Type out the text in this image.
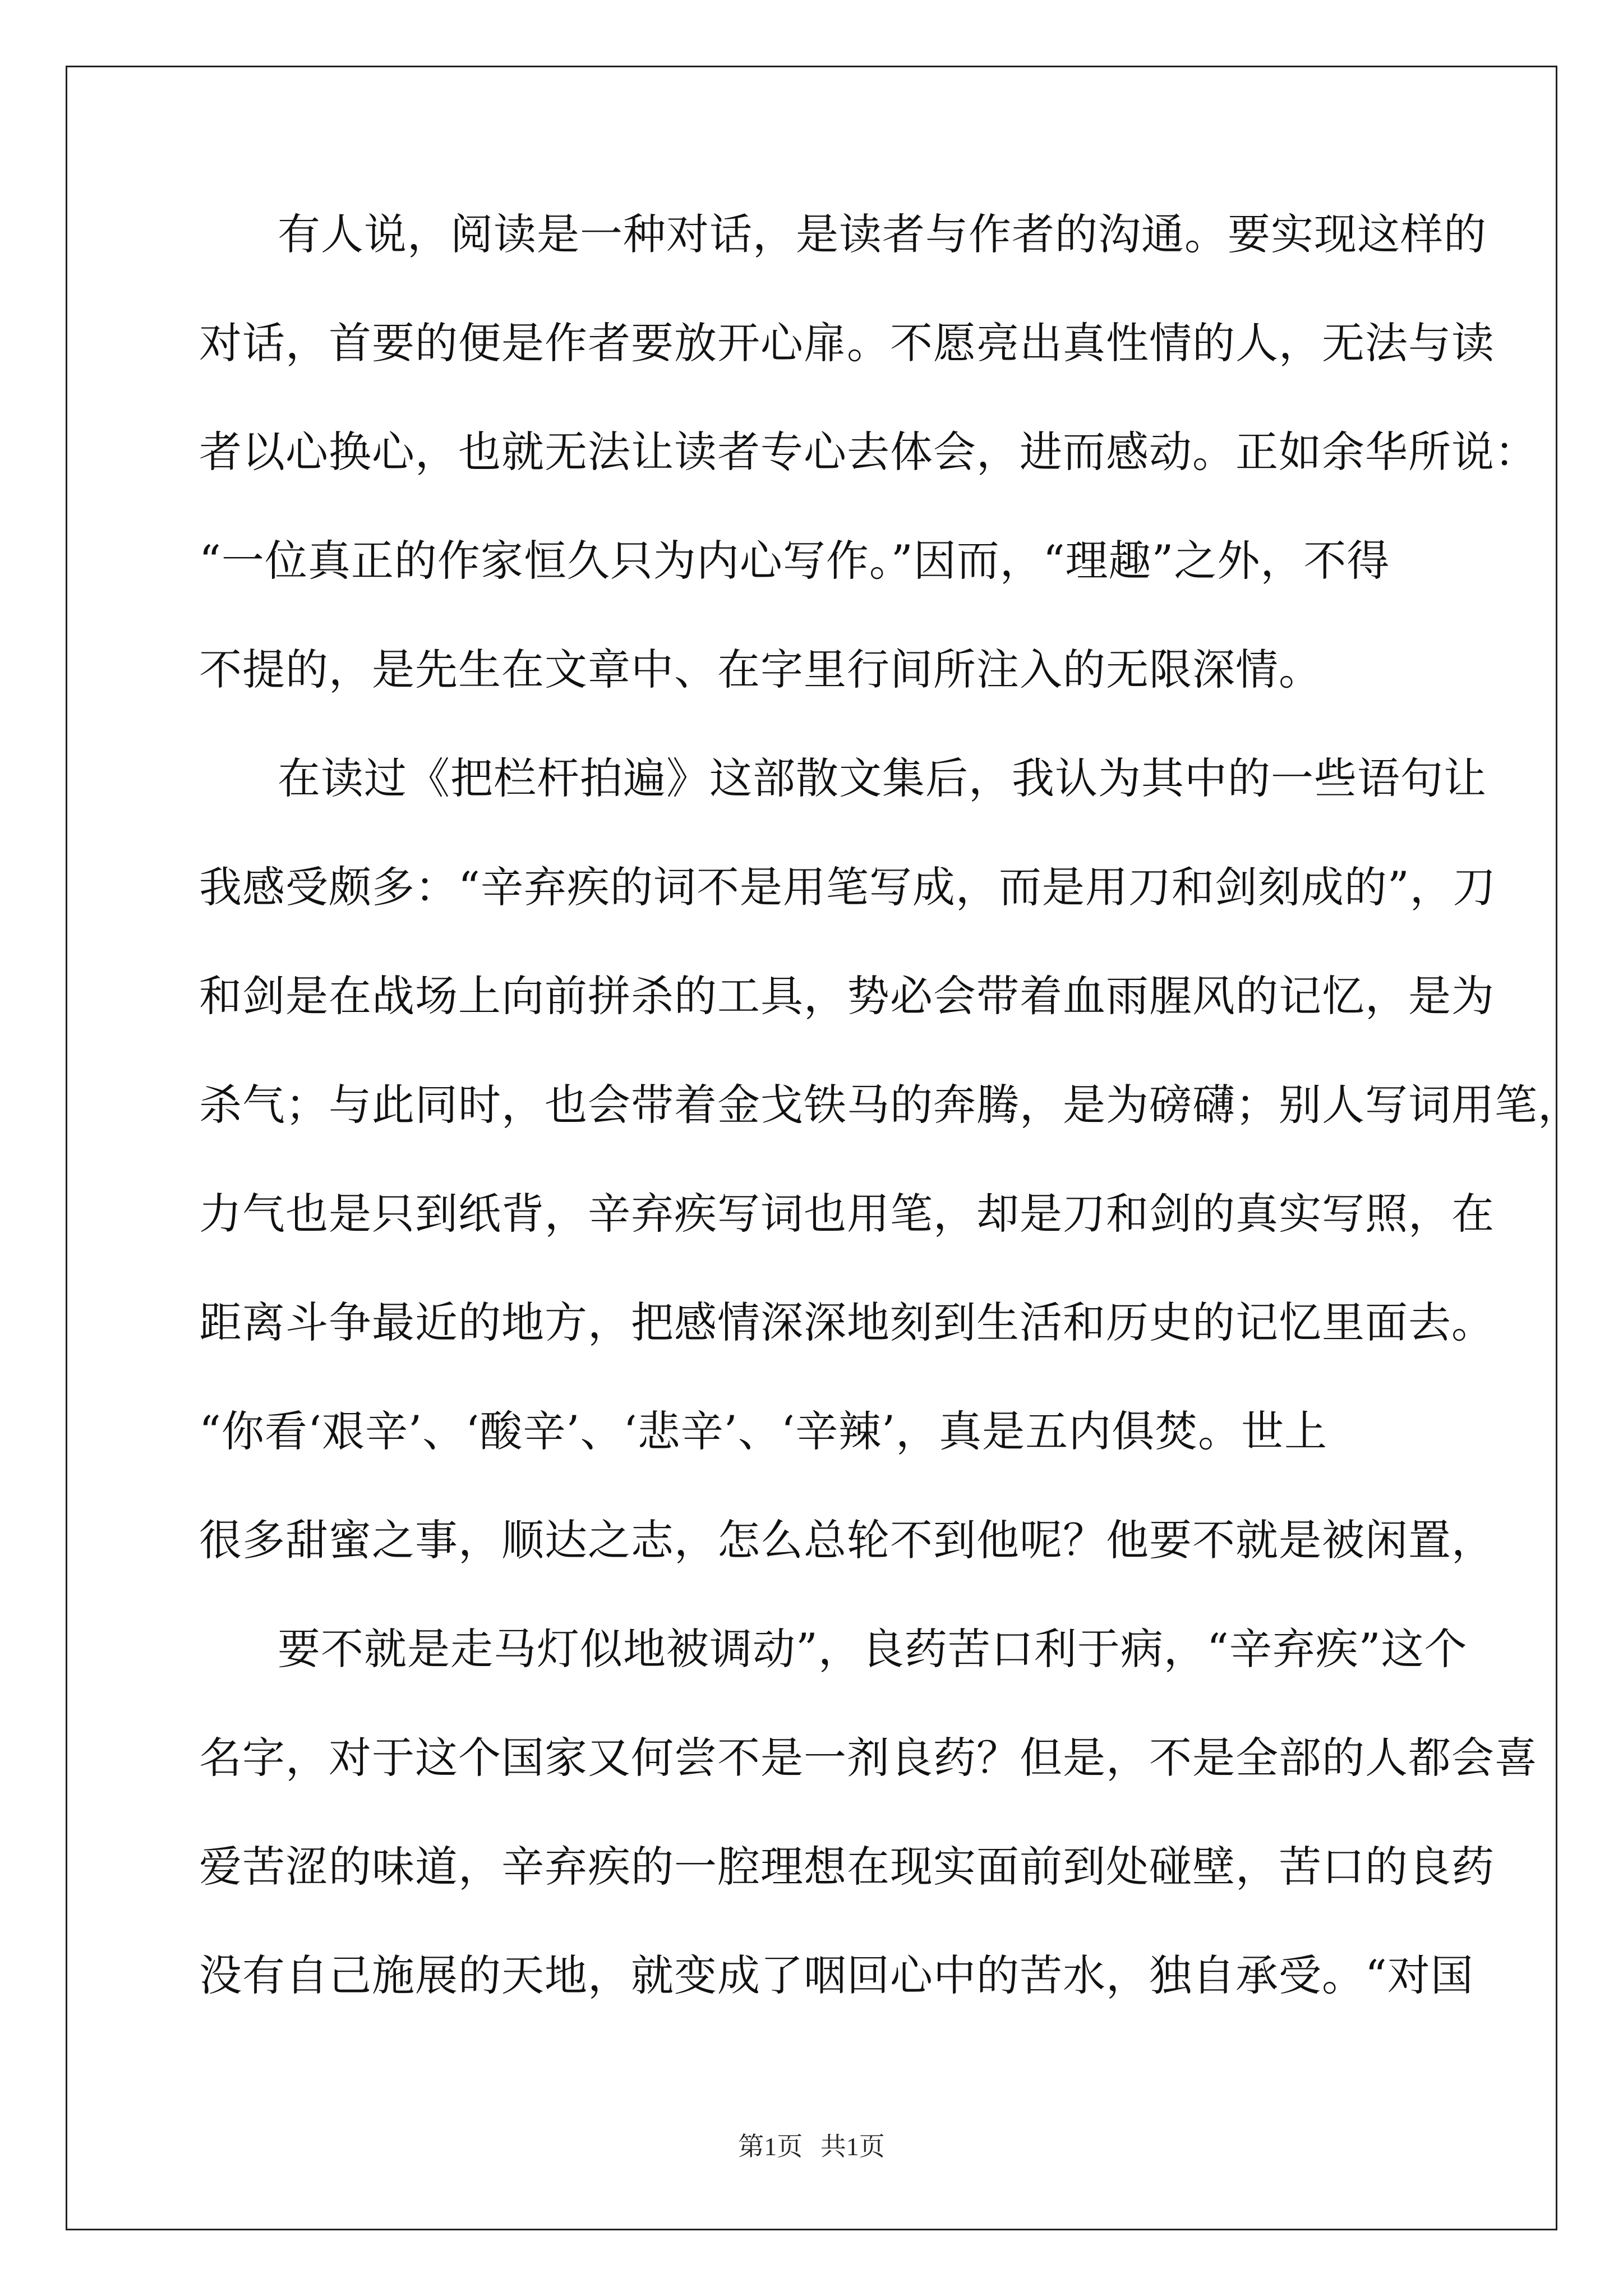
有人说，阅读是一种对话，是读者与作者的沟通。要实现这样的
对话，首要的便是作者要放开心扉。不愿亮出真性情的人，无法与读
者以心换心，也就无法让读者专心去体会，进而感动。正如余华所说：
“一位真正的作家恒久只为内心写作。”因而，“理趣”之外，不得
不提的，是先生在文章中、在字里行间所注入的无限深情。
在读过《把栏杆拍遍》这部散文集后，我认为其中的一些语句让
我感受颇多：“辛弃疾的词不是用笔写成，而是用刀和剑刻成的”，刀
和剑是在战场上向前拼杀的工具，势必会带着血雨腥风的记忆，是为
杀气；与此同时，也会带着金戈铁马的奔腾，是为磅礴；别人写词用笔，
力气也是只到纸背，辛弃疾写词也用笔，却是刀和剑的真实写照，在
距离斗争最近的地方，把感情深深地刻到生活和历史的记忆里面去。
“你看‘艰辛’、‘酸辛’、‘悲辛’、‘辛辣’，真是五内俱焚。世上
很多甜蜜之事，顺达之志，怎么总轮不到他呢？他要不就是被闲置，
要不就是走马灯似地被调动”，良药苦口利于病，“辛弃疾”这个
名字，对于这个国家又何尝不是一剂良药？但是，不是全部的人都会喜
爱苦涩的味道，辛弃疾的一腔理想在现实面前到处碰壁，苦口的良药
没有自己施展的天地，就变成了咽回心中的苦水，独自承受。“对国
第1页 共1页
